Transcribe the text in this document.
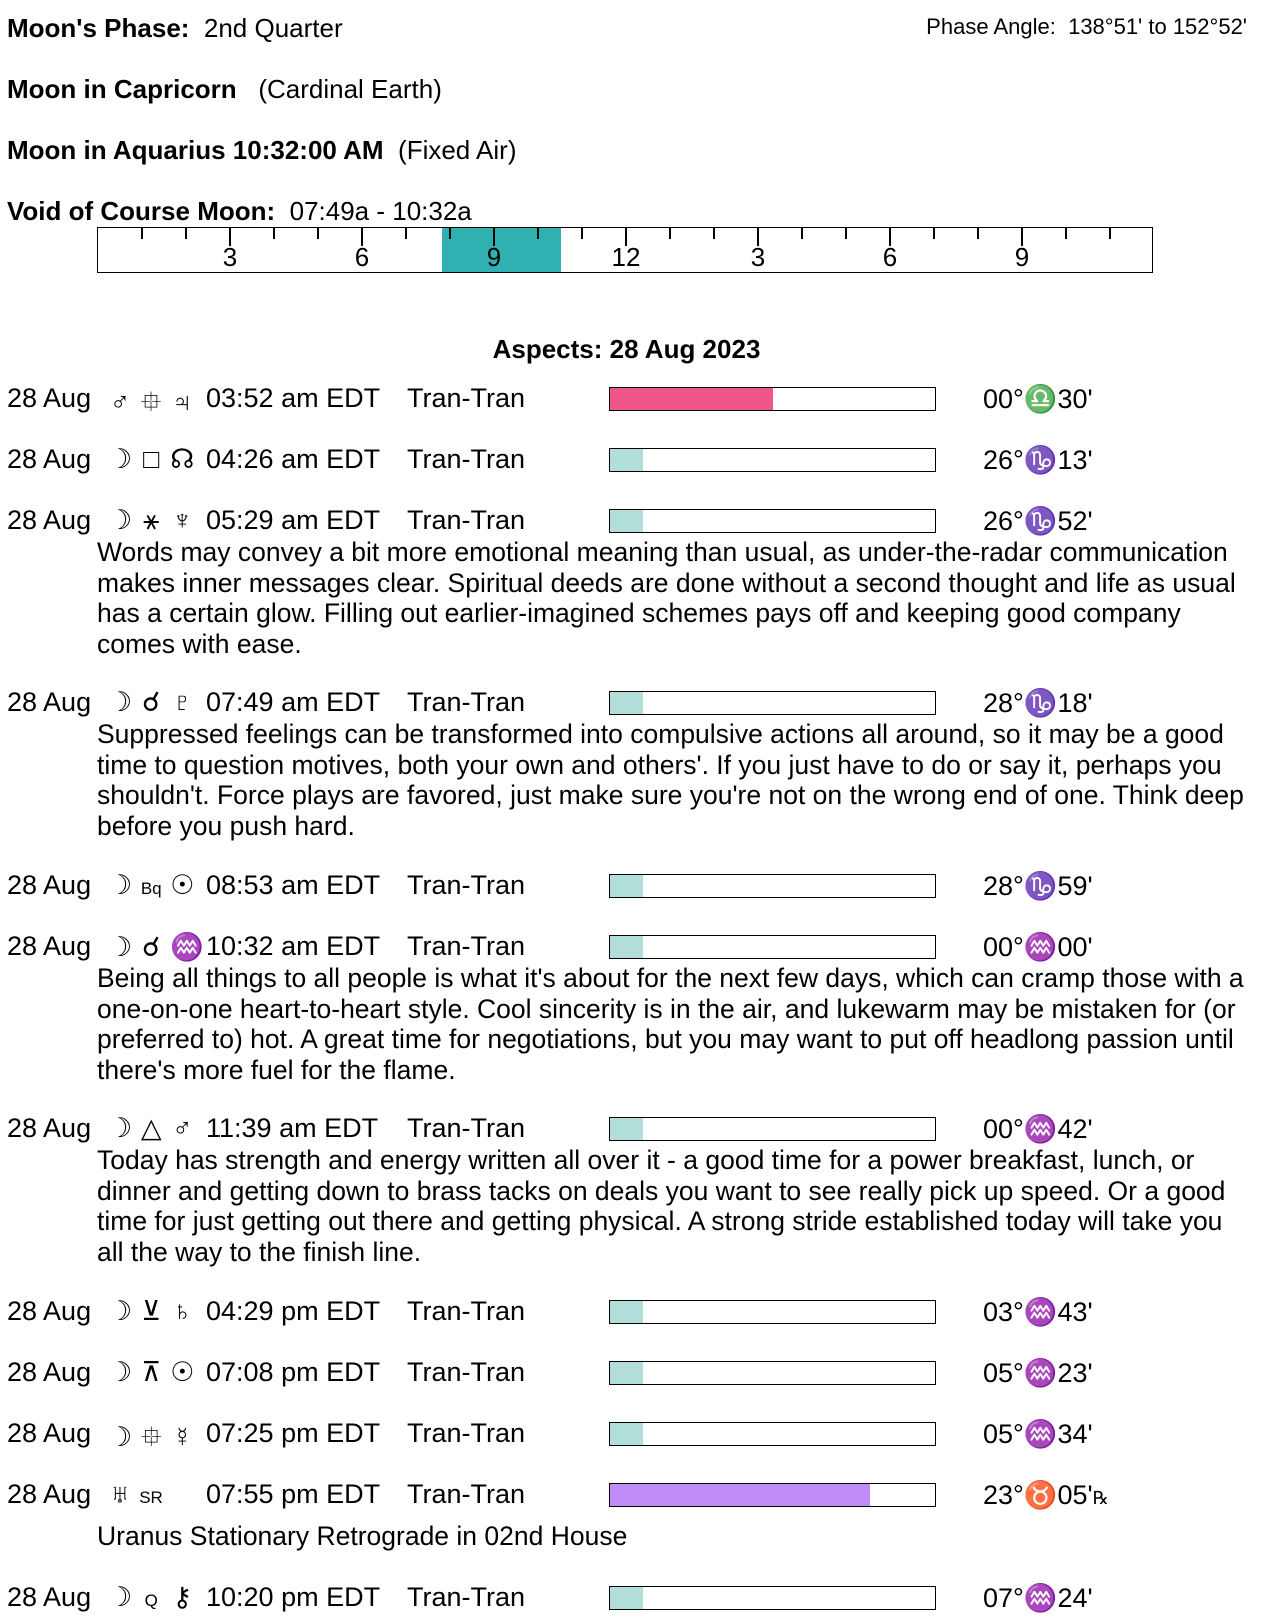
Moon's Phase: 2nd Quarter	Phase Angle: 138°51' to 152°52'
Moon in Capricorn (Cardinal Earth)
Moon in Aquarius 10:32:00 AM (Fixed Air)
Void of Course Moon: 07:49a - 10:32a
3	6	9	12	3	6	9
Aspects: 28 Aug 2023
28 Aug ♂ ⯐ ♃ 03:52 am EDT Tran-Tran	00°♎30'
28 Aug ☽ □ ☊ 04:26 am EDT Tran-Tran	26°♑13'
28 Aug ☽ ⚹ ♆ 05:29 am EDT Tran-Tran	26°♑52'
Words may convey a bit more emotional meaning than usual, as under-the-radar communication makes inner messages clear. Spiritual deeds are done without a second thought and life as usual has a certain glow. Filling out earlier-imagined schemes pays off and keeping good company comes with ease.
28 Aug ☽ ☌ ♇ 07:49 am EDT Tran-Tran	28°♑18'
Suppressed feelings can be transformed into compulsive actions all around, so it may be a good time to question motives, both your own and others'. If you just have to do or say it, perhaps you shouldn't. Force plays are favored, just make sure you're not on the wrong end of one. Think deep before you push hard.
28 Aug ☽ Bq ☉ 08:53 am EDT Tran-Tran	28°♑59'
28 Aug ☽ ☌ ♒ 10:32 am EDT Tran-Tran	00°♒00'
Being all things to all people is what it's about for the next few days, which can cramp those with a one-on-one heart-to-heart style. Cool sincerity is in the air, and lukewarm may be mistaken for (or preferred to) hot. A great time for negotiations, but you may want to put off headlong passion until there's more fuel for the flame.
28 Aug ☽ △ ♂ 11:39 am EDT Tran-Tran	00°♒42'
Today has strength and energy written all over it - a good time for a power breakfast, lunch, or dinner and getting down to brass tacks on deals you want to see really pick up speed. Or a good time for just getting out there and getting physical. A strong stride established today will take you all the way to the finish line.
28 Aug ☽ ⊻ ♄ 04:29 pm EDT Tran-Tran	03°♒43'
28 Aug ☽ ⊼ ☉ 07:08 pm EDT Tran-Tran	05°♒23'
28 Aug ☽ ⯐ ☿ 07:25 pm EDT Tran-Tran	05°♒34'
28 Aug ♅ SR 07:55 pm EDT Tran-Tran	23°♉05'℞
Uranus Stationary Retrograde in 02nd House
28 Aug ☽ Q ⚷ 10:20 pm EDT Tran-Tran	07°♒24'
